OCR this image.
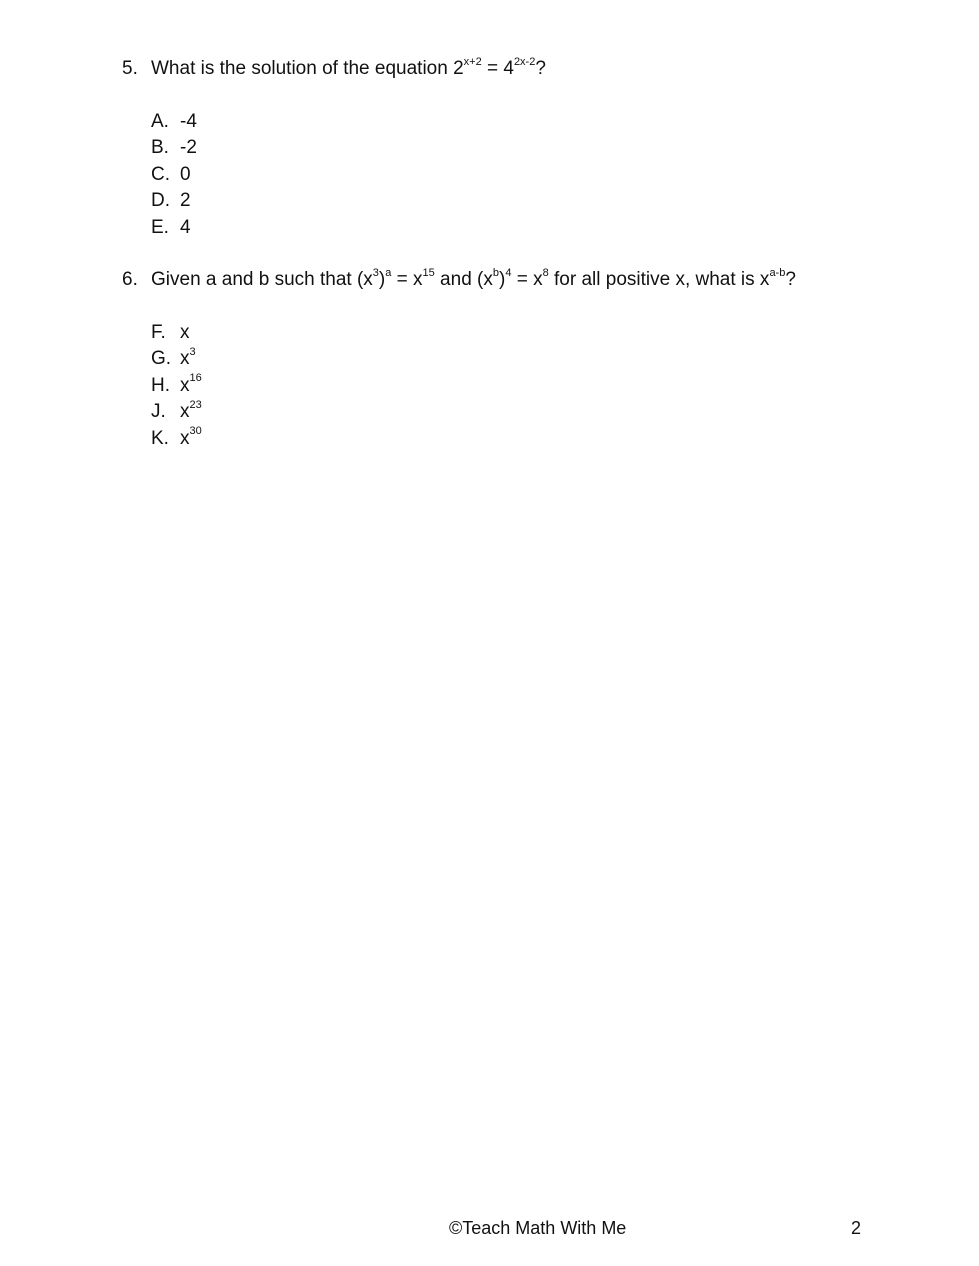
5. What is the solution of the equation $2^{x+2} = 4^{2x-2}$?
A. -4
B. -2
C. 0
D. 2
E. 4
6. Given a and b such that $(x^3)^a = x^{15}$ and $(x^b)^4 = x^8$ for all positive x, what is $x^{a-b}$?
F. x
G. $x^3$
H. $x^{16}$
J. $x^{23}$
K. $x^{30}$
©Teach Math With Me	2
